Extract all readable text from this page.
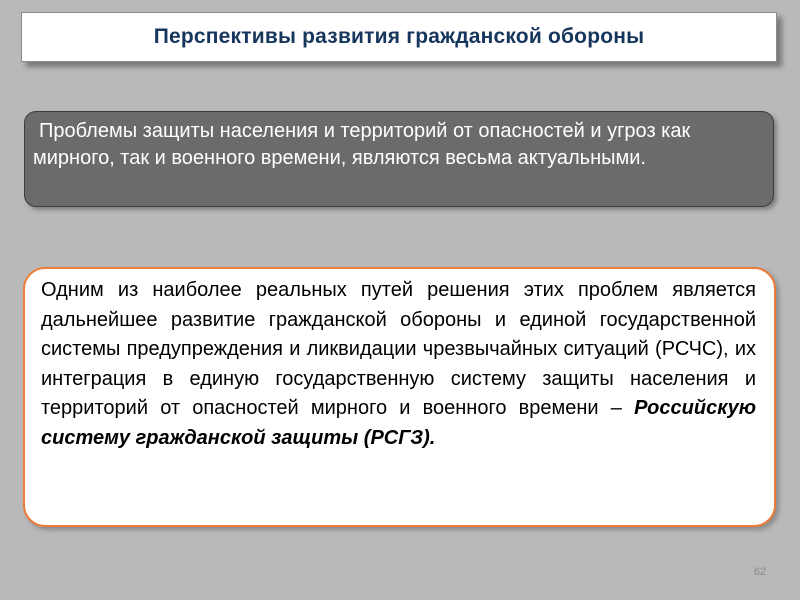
Перспективы развития гражданской обороны
Проблемы защиты населения и территорий от опасностей и угроз как мирного, так и военного времени, являются весьма актуальными.
Одним из наиболее реальных путей решения этих проблем является дальнейшее развитие гражданской обороны и единой государственной системы предупреждения и ликвидации чрезвычайных ситуаций (РСЧС), их интеграция в единую государственную систему защиты населения и территорий от опасностей мирного и военного времени – Российскую систему гражданской защиты (РСГЗ).
62
